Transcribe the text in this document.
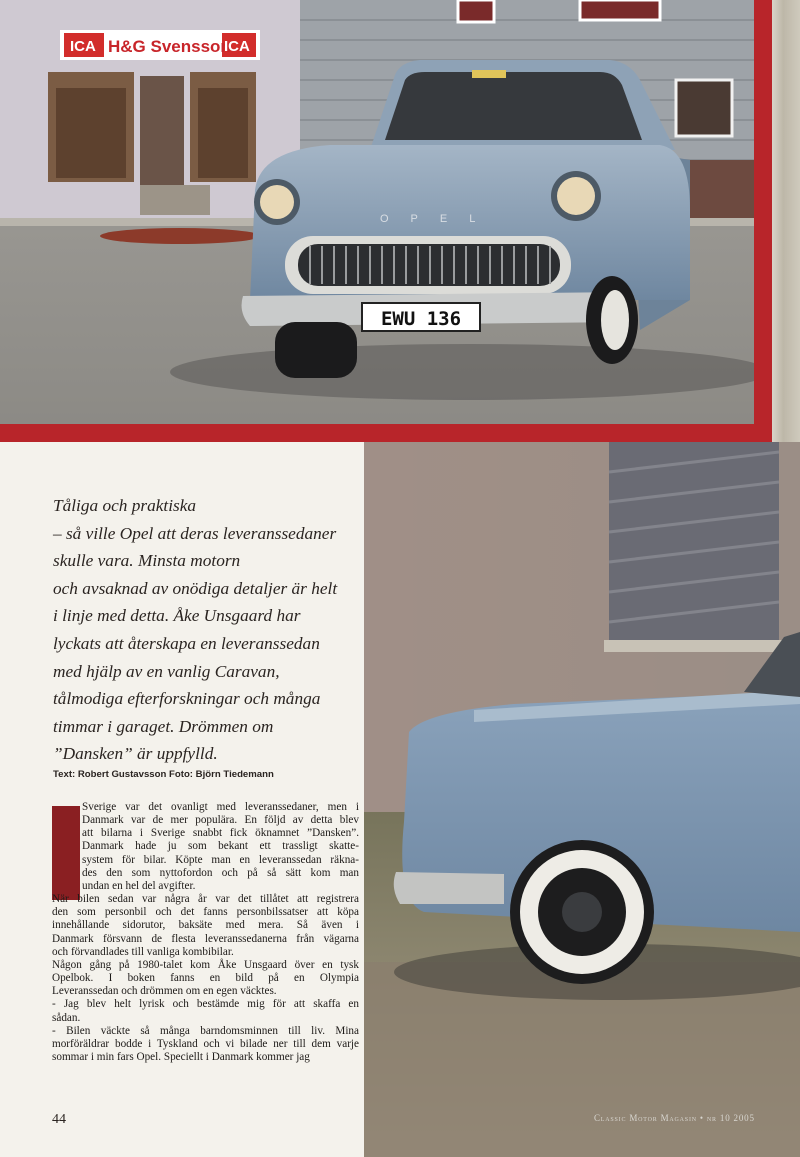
ICA H&G Svensson
ICA
OPEL
EWU 136
Tåliga och praktiska
– så ville Opel att deras leveranssedaner
skulle vara. Minsta motorn
och avsaknad av onödiga detaljer är helt
i linje med detta. Åke Unsgaard har
lyckats att återskapa en leveranssedan
med hjälp av en vanlig Caravan,
tålmodiga efterforskningar och många
timmar i garaget. Drömmen om
”Dansken” är uppfylld.
Text: Robert Gustavsson Foto: Björn Tiedemann
Sverige var det ovanligt med leveranssedaner, men i
Danmark var de mer populära. En följd av detta blev
att bilarna i Sverige snabbt fick öknamnet ”Dansken”.
Danmark hade ju som bekant ett trassligt skatte-
system för bilar. Köpte man en leveranssedan räkna-
des den som nyttofordon och på så sätt kom man
undan en hel del avgifter.
När bilen sedan var några år var det tillåtet att registrera
den som personbil och det fanns personbilssatser att köpa
innehållande sidorutor, baksäte med mera. Så även i
Danmark försvann de flesta leveranssedanerna från vägarna
och förvandlades till vanliga kombibilar.
Någon gång på 1980-talet kom Åke Unsgaard över en tysk
Opelbok. I boken fanns en bild på en Olympia
Leveranssedan och drömmen om en egen väcktes.
- Jag blev helt lyrisk och bestämde mig för att skaffa en
sådan.
- Bilen väckte så många barndomsminnen till liv. Mina
morföräldrar bodde i Tyskland och vi bilade ner till dem varje
sommar i min fars Opel. Speciellt i Danmark kommer jag
44	Classic Motor Magasin • nr 10 2005
